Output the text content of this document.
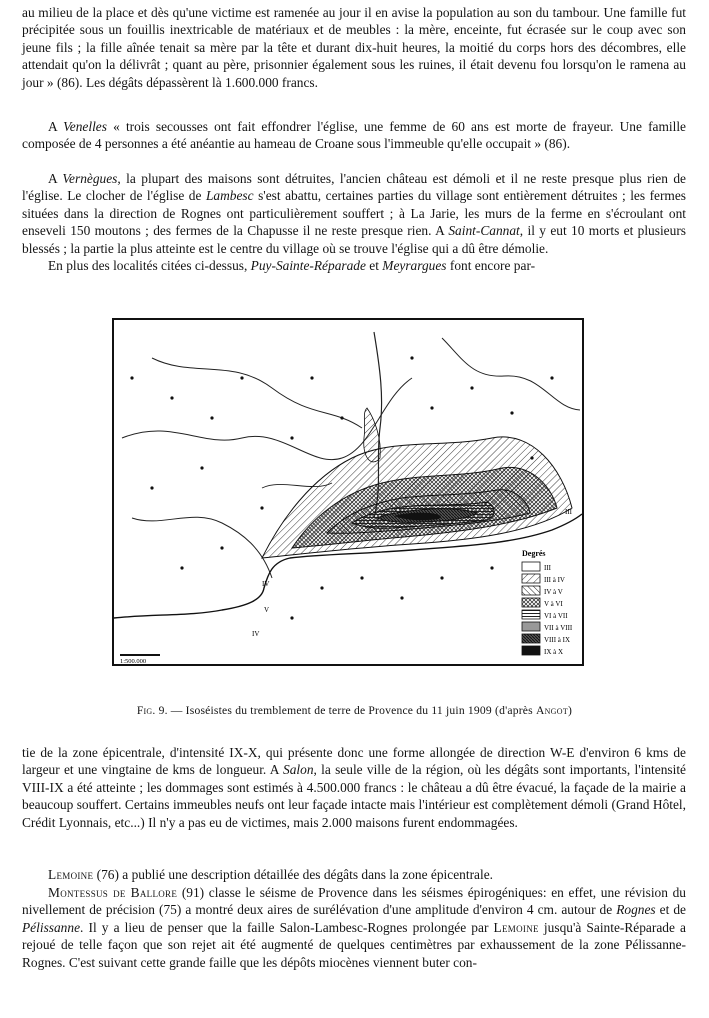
au milieu de la place et dès qu'une victime est ramenée au jour il en avise la population au son du tambour. Une famille fut précipitée sous un fouillis inextricable de matériaux et de meubles : la mère, enceinte, fut écrasée sur le coup avec son jeune fils ; la fille aînée tenait sa mère par la tête et durant dix-huit heures, la moitié du corps hors des décombres, elle attendait qu'on la délivrât ; quant au père, prisonnier également sous les ruines, il était devenu fou lorsqu'on le ramena au jour » (86). Les dégâts dépassèrent là 1.600.000 francs.

A Venelles « trois secousses ont fait effondrer l'église, une femme de 60 ans est morte de frayeur. Une famille composée de 4 personnes a été anéantie au hameau de Croane sous l'immeuble qu'elle occupait » (86).

A Vernègues, la plupart des maisons sont détruites, l'ancien château est démoli et il ne reste presque plus rien de l'église. Le clocher de l'église de Lambesc s'est abattu, certaines parties du village sont entièrement détruites ; les fermes situées dans la direction de Rognes ont particulièrement souffert ; à La Jarie, les murs de la ferme en s'écroulant ont enseveli 150 moutons ; des fermes de la Chapusse il ne reste presque rien. A Saint-Cannat, il y eut 10 morts et plusieurs blessés ; la partie la plus atteinte est le centre du village où se trouve l'église qui a dû être démolie.

En plus des localités citées ci-dessus, Puy-Sainte-Réparade et Meyrargues font encore par-

III
IV
V
IV
Degrés
III
III à IV
IV à V
V à VI
VI à VII
VII à VIII
VIII à IX
IX à X
1:500.000
Fig. 9. — Isoséistes du tremblement de terre de Provence du 11 juin 1909 (d'après Angot)

tie de la zone épicentrale, d'intensité IX-X, qui présente donc une forme allongée de direction W-E d'environ 6 kms de largeur et une vingtaine de kms de longueur. A Salon, la seule ville de la région, où les dégâts sont importants, l'intensité VIII-IX a été atteinte ; les dommages sont estimés à 4.500.000 francs : le château a dû être évacué, la façade de la mairie a beaucoup souffert. Certains immeubles neufs ont leur façade intacte mais l'intérieur est complètement démoli (Grand Hôtel, Crédit Lyonnais, etc...) Il n'y a pas eu de victimes, mais 2.000 maisons furent endommagées.

Lemoine (76) a publié une description détaillée des dégâts dans la zone épicentrale.

Montessus de Ballore (91) classe le séisme de Provence dans les séismes épirogéniques: en effet, une révision du nivellement de précision (75) a montré deux aires de surélévation d'une amplitude d'environ 4 cm. autour de Rognes et de Pélissanne. Il y a lieu de penser que la faille Salon-Lambesc-Rognes prolongée par Lemoine jusqu'à Sainte-Réparade a rejoué de telle façon que son rejet ait été augmenté de quelques centimètres par exhaussement de la zone Pélissanne-Rognes. C'est suivant cette grande faille que les dépôts miocènes viennent buter con-
